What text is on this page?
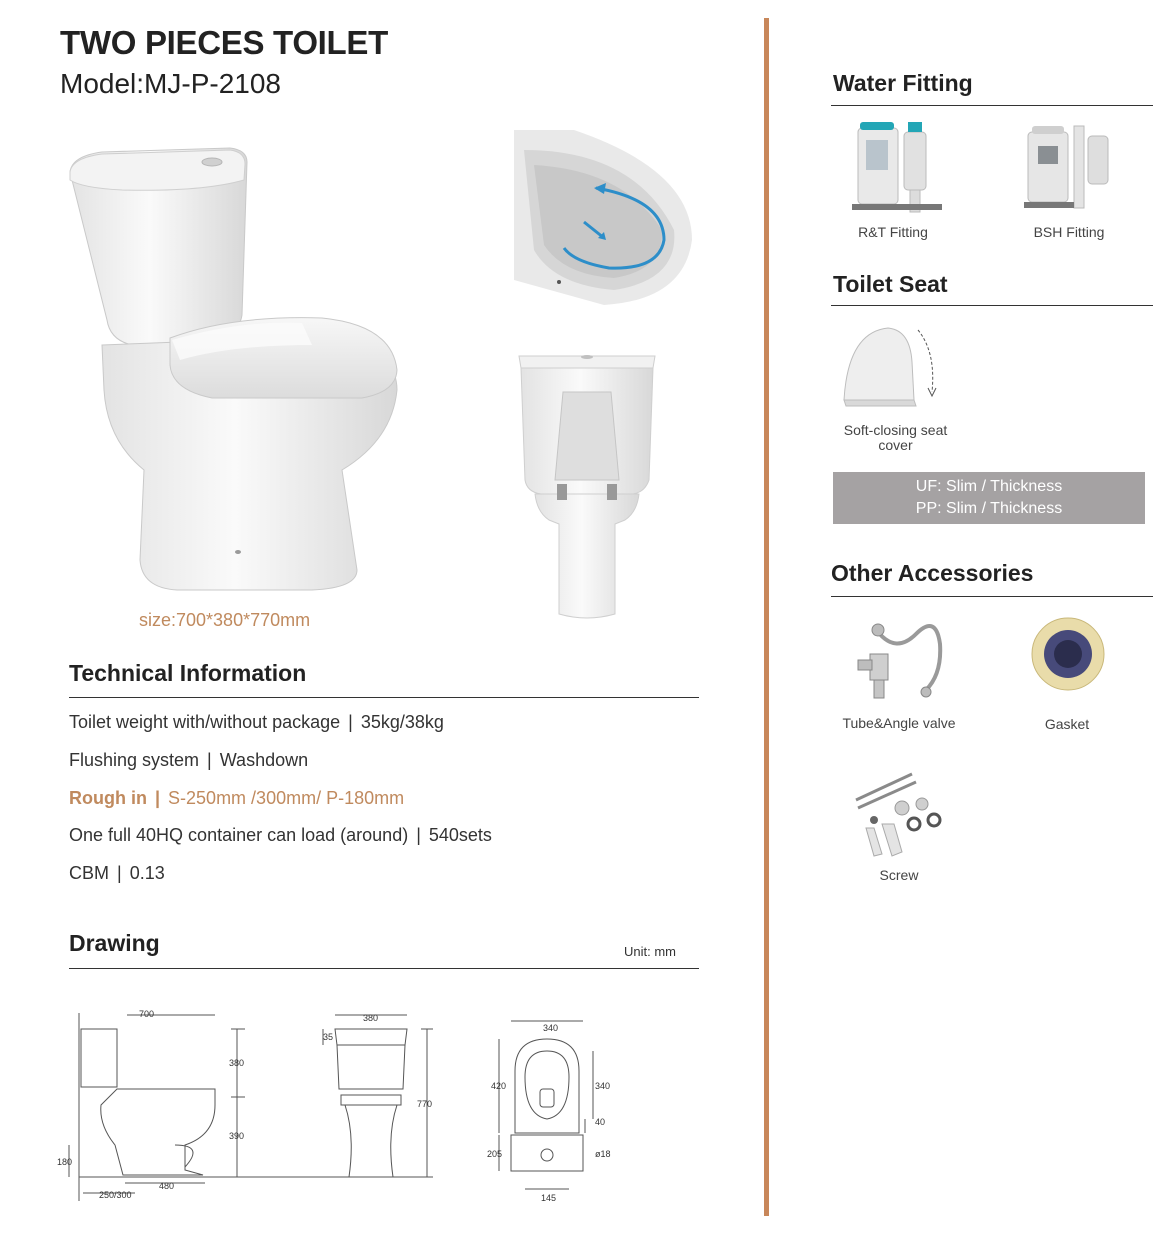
TWO PIECES TOILET
Model:MJ-P-2108
size:700*380*770mm
Technical Information
Toilet weight with/without package | 35kg/38kg
Flushing system | Washdown
Rough in | S-250mm /300mm/ P-180mm
One full 40HQ container can load (around) | 540sets
CBM | 0.13
Drawing	Unit: mm
700
380
390
180
480
250/300
35
380
770
340
420	340
40
205	ø18
145
Water Fitting
R&T Fitting	BSH Fitting
Toilet Seat
Soft-closing seat cover
UF: Slim / Thickness
PP: Slim / Thickness
Other Accessories
Tube&Angle valve	Gasket
Screw
